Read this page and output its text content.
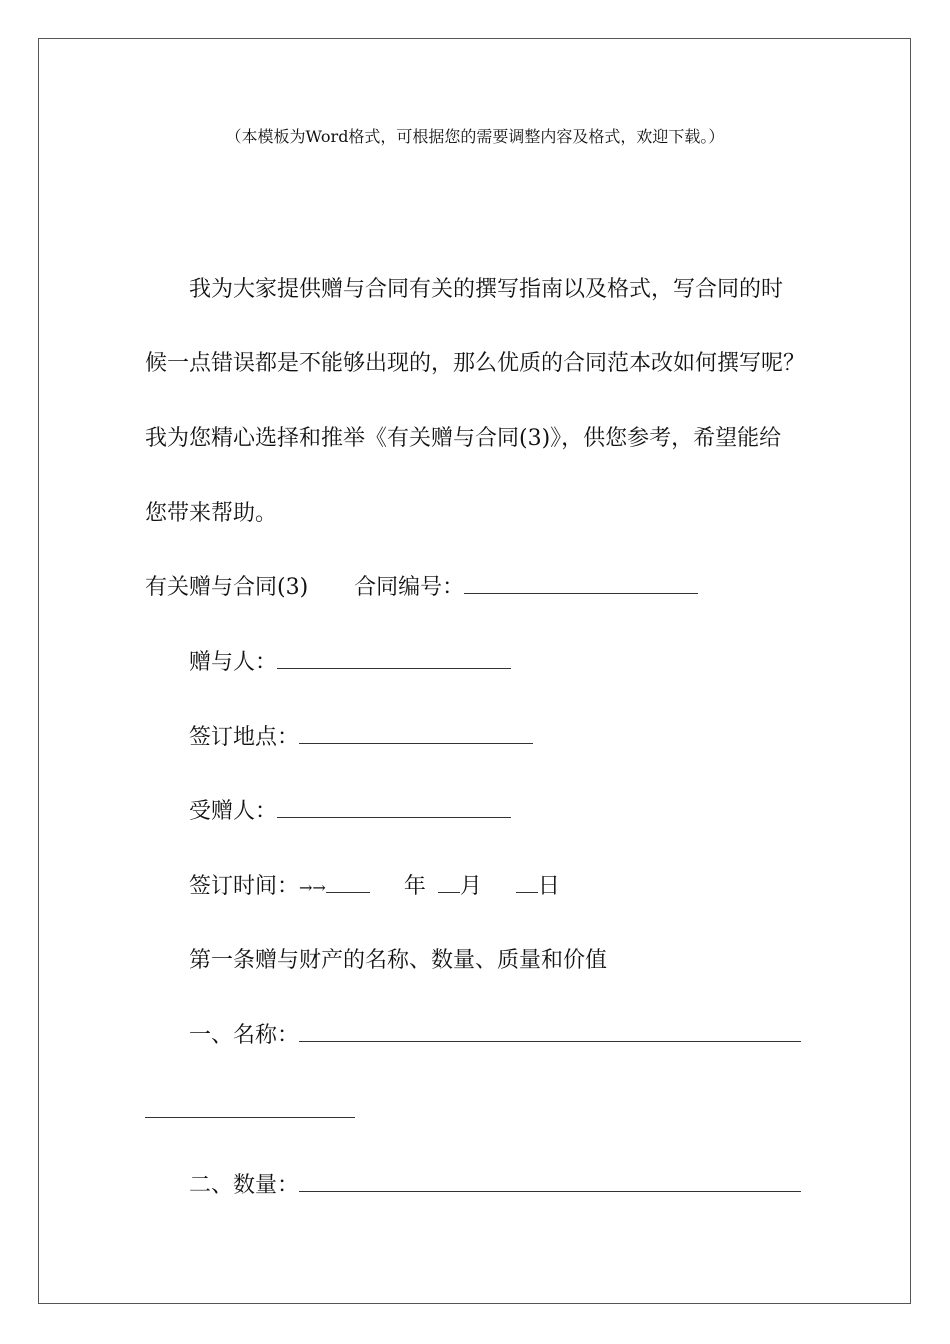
（本模板为Word格式，可根据您的需要调整内容及格式，欢迎下载。）
我为大家提供赠与合同有关的撰写指南以及格式，写合同的时
候一点错误都是不能够出现的，那么优质的合同范本改如何撰写呢？
我为您精心选择和推举《有关赠与合同(3)》，供您参考，希望能给
您带来帮助。
有关赠与合同(3) 合同编号：
赠与人：
签订地点：
受赠人：
签订时间：→→	年 月	日
第一条赠与财产的名称、数量、质量和价值
一、名称：
二、数量：
